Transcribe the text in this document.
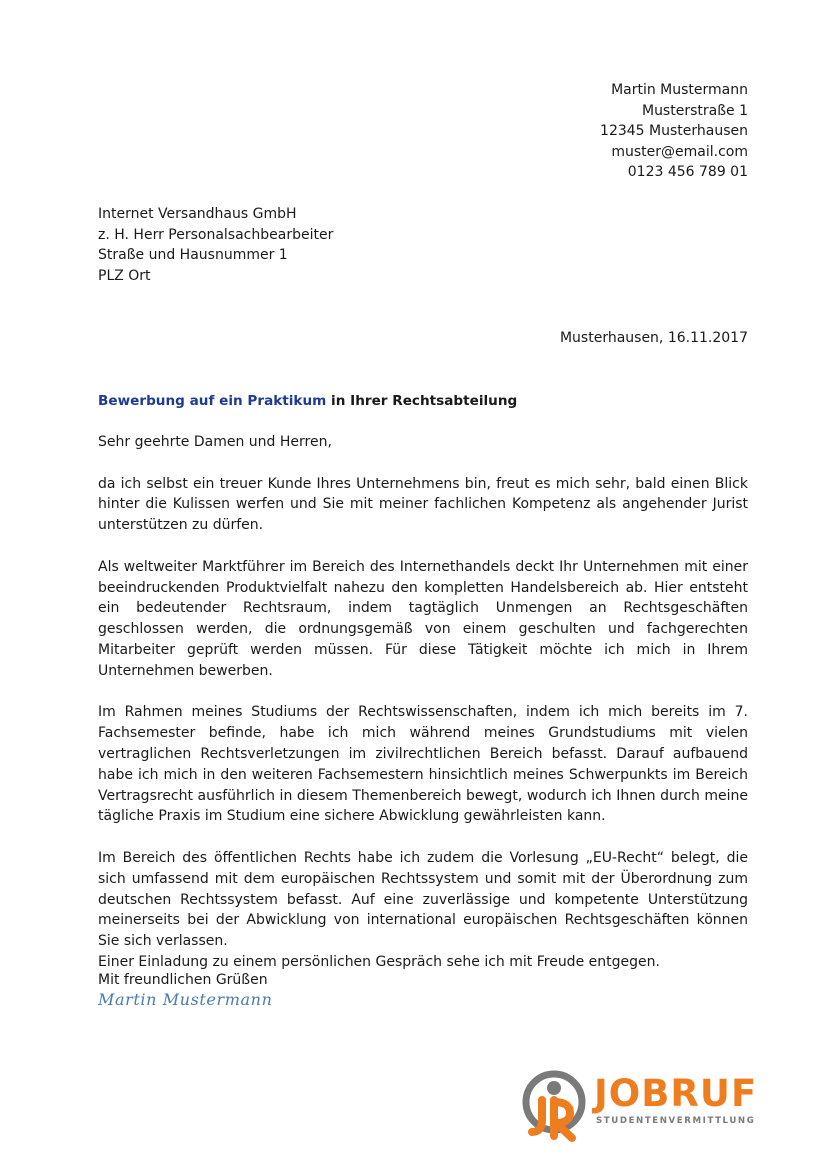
Martin Mustermann
Musterstraße 1
12345 Musterhausen
muster@email.com
0123 456 789 01
Internet Versandhaus GmbH
z. H. Herr Personalsachbearbeiter
Straße und Hausnummer 1
PLZ Ort
Musterhausen, 16.11.2017
Bewerbung auf ein Praktikum in Ihrer Rechtsabteilung

Sehr geehrte Damen und Herren,

da ich selbst ein treuer Kunde Ihres Unternehmens bin, freut es mich sehr, bald einen Blick hinter die Kulissen werfen und Sie mit meiner fachlichen Kompetenz als angehender Jurist unterstützen zu dürfen.

Als weltweiter Marktführer im Bereich des Internethandels deckt Ihr Unternehmen mit einer beeindruckenden Produktvielfalt nahezu den kompletten Handelsbereich ab. Hier entsteht ein bedeutender Rechtsraum, indem tagtäglich Unmengen an Rechtsgeschäften geschlossen werden, die ordnungsgemäß von einem geschulten und fachgerechten Mitarbeiter geprüft werden müssen. Für diese Tätigkeit möchte ich mich in Ihrem Unternehmen bewerben.

Im Rahmen meines Studiums der Rechtswissenschaften, indem ich mich bereits im 7. Fachsemester befinde, habe ich mich während meines Grundstudiums mit vielen vertraglichen Rechtsverletzungen im zivilrechtlichen Bereich befasst. Darauf aufbauend habe ich mich in den weiteren Fachsemestern hinsichtlich meines Schwerpunkts im Bereich Vertragsrecht ausführlich in diesem Themenbereich bewegt, wodurch ich Ihnen durch meine tägliche Praxis im Studium eine sichere Abwicklung gewährleisten kann.

Im Bereich des öffentlichen Rechts habe ich zudem die Vorlesung „EU-Recht“ belegt, die sich umfassend mit dem europäischen Rechtssystem und somit mit der Überordnung zum deutschen Rechtssystem befasst. Auf eine zuverlässige und kompetente Unterstützung meinerseits bei der Abwicklung von international europäischen Rechtsgeschäften können Sie sich verlassen.

Einer Einladung zu einem persönlichen Gespräch sehe ich mit Freude entgegen.

Mit freundlichen Grüßen
Martin Mustermann
JOBRUF
STUDENTENVERMITTLUNG
